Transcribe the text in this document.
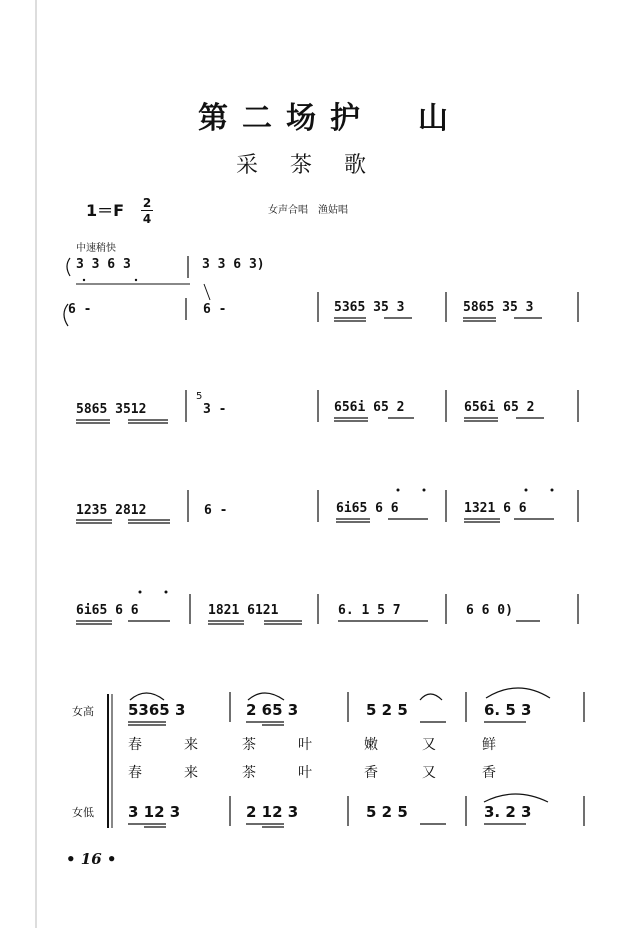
第二场护　山
采茶歌
1＝F 2
4
女声合唱　渔姑唱
中速稍快
3 3 6 3	3 3 6 3)
6 -	6 -	5365 35 3	5865 35 3
5865 3512
5
3 -	656i 65 2	656i 65 2
1235 2812	6 -	6i65 6 6	1321 6 6
6i65 6 6	1821 6121	6. 1 5 7	6 6 0)
女高
女低
5365 3	2 65 3	5 2 5	6. 5 3
春	来	茶	叶	嫩	又	鲜
春	来	茶	叶	香	又	香
3 12 3	2 12 3	5 2 5	3. 2 3
• 16 •
